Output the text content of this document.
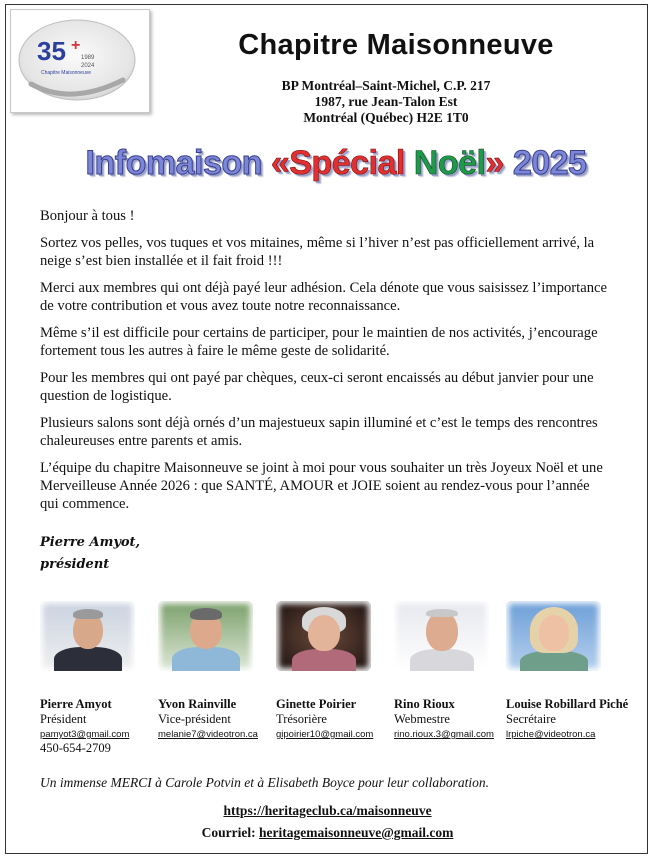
35 +
1989
2024
Chapitre Maisonneuve
Chapitre Maisonneuve
BP Montréal–Saint-Michel, C.P. 217
1987, rue Jean-Talon Est
Montréal (Québec) H2E 1T0
Infomaison «Spécial Noël» 2025

Bonjour à tous !

Sortez vos pelles, vos tuques et vos mitaines, même si l’hiver n’est pas officiellement arrivé, la neige s’est bien installée et il fait froid !!!

Merci aux membres qui ont déjà payé leur adhésion. Cela dénote que vous saisissez l’importance de votre contribution et vous avez toute notre reconnaissance.

Même s’il est difficile pour certains de participer, pour le maintien de nos activités, j’encourage fortement tous les autres à faire le même geste de solidarité.

Pour les membres qui ont payé par chèques, ceux-ci seront encaissés au début janvier pour une question de logistique.

Plusieurs salons sont déjà ornés d’un majestueux sapin illuminé et c’est le temps des rencontres chaleureuses entre parents et amis.

L’équipe du chapitre Maisonneuve se joint à moi pour vous souhaiter un très Joyeux Noël et une Merveilleuse Année 2026 : que SANTÉ, AMOUR et JOIE soient au rendez-vous pour l’année qui commence.

Pierre Amyot,
président
Pierre Amyot
Président
pamyot3@gmail.com
450-654-2709
Yvon Rainville
Vice-président
melanie7@videotron.ca
Ginette Poirier
Trésorière
gipoirier10@gmail.com
Rino Rioux
Webmestre
rino.rioux.3@gmail.com
Louise Robillard Piché
Secrétaire
lrpiche@videotron.ca
Un immense MERCI à Carole Potvin et à Elisabeth Boyce pour leur collaboration.
https://heritageclub.ca/maisonneuve
Courriel: heritagemaisonneuve@gmail.com
